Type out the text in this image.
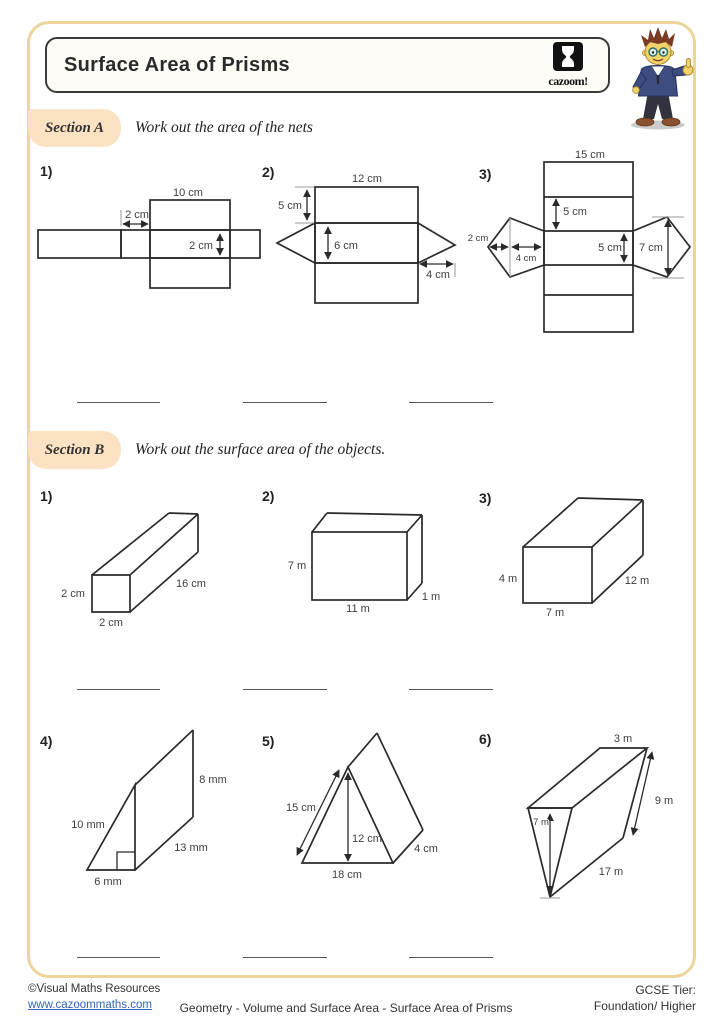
Surface Area of Prisms
cazoom!
Section A Work out the area of the nets
1)	2)	3)
10 cm
2 cm
2 cm
12 cm
5 cm
6 cm
4 cm
15 cm
5 cm
5 cm
2 cm
4 cm
7 cm
Section B Work out the surface area of the objects.
1)	2)	3)
2 cm
2 cm
16 cm
7 m
11 m
1 m
4 m
7 m
12 m
4)	5)	6)
10 mm
6 mm
8 mm
13 mm
15 cm
12 cm
18 cm
4 cm
3 m
9 m
7 m
17 m
©Visual Maths Resources
www.cazoommaths.com	Geometry - Volume and Surface Area - Surface Area of Prisms
GCSE Tier:
Foundation/ Higher
